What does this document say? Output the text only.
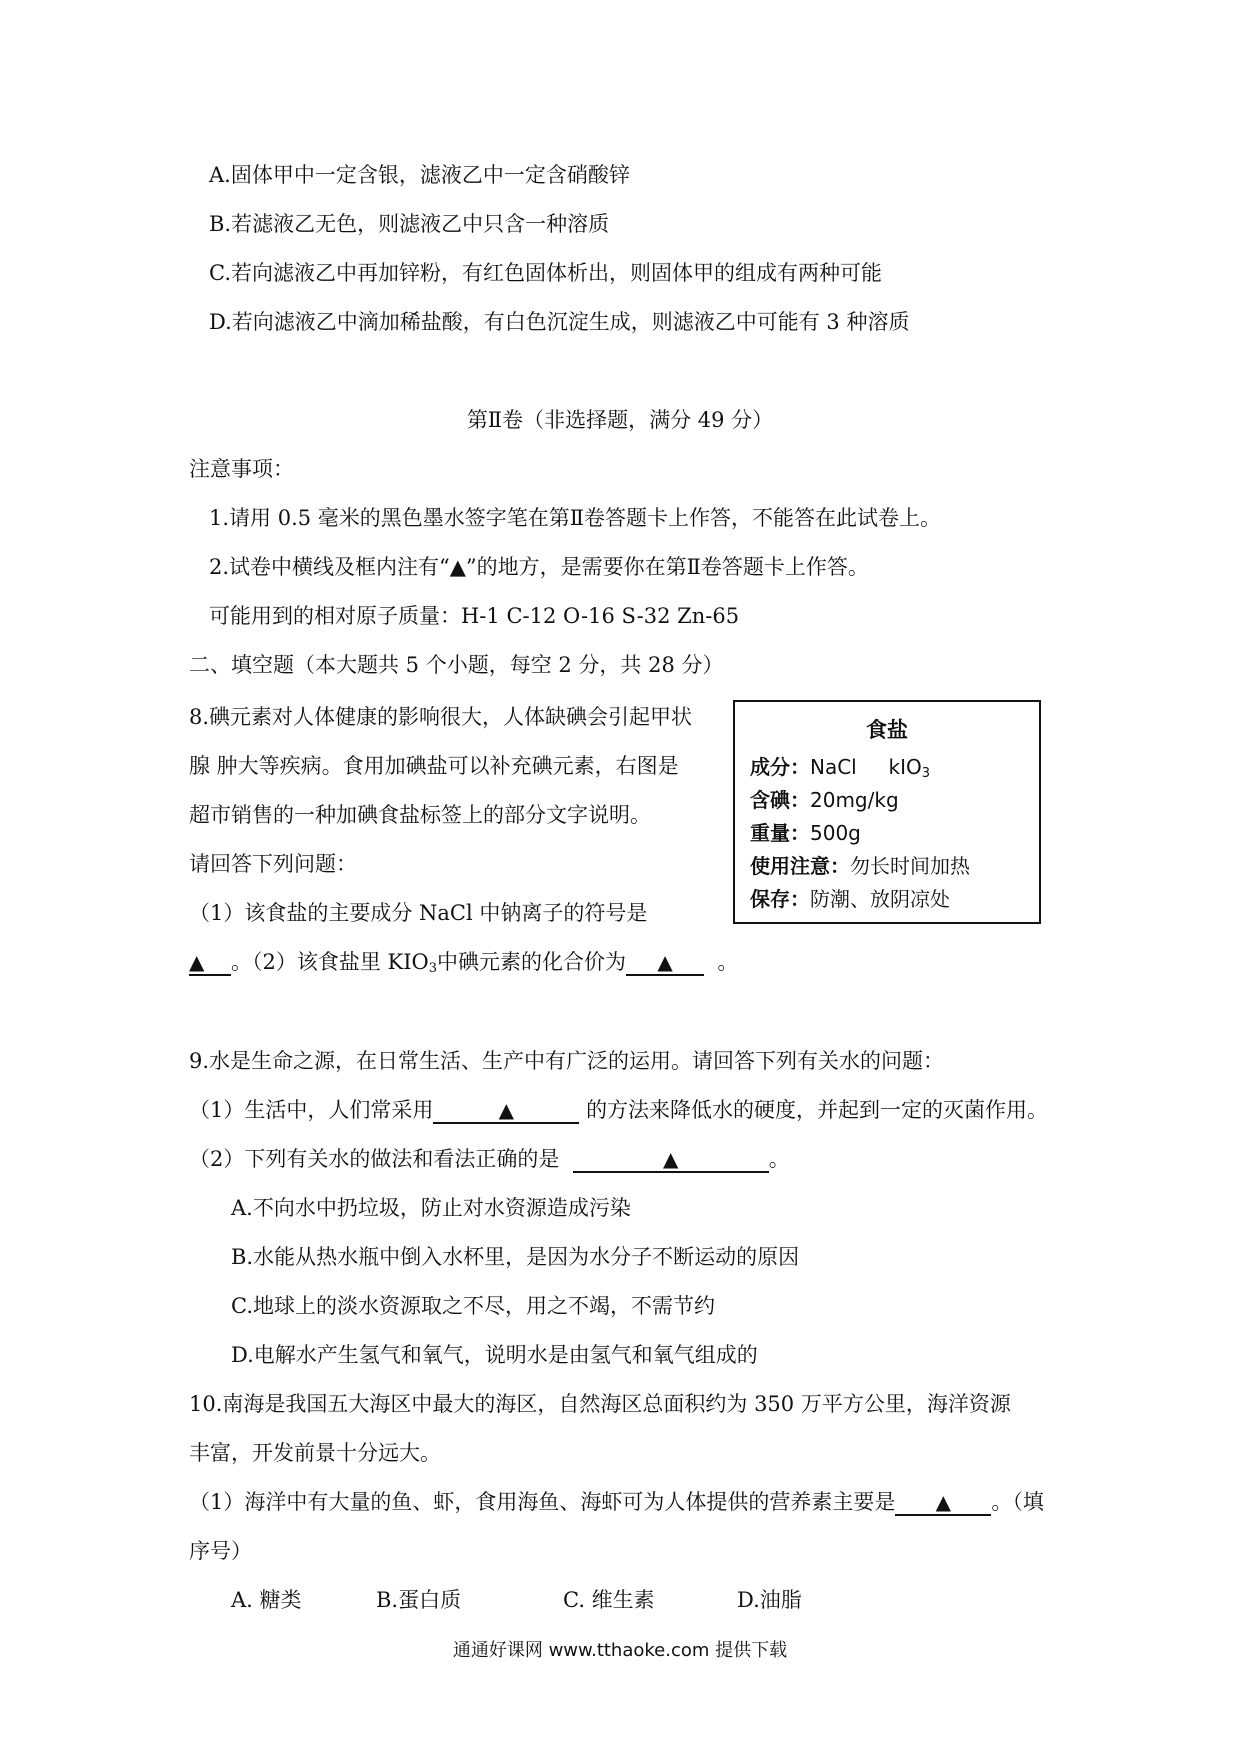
A.固体甲中一定含银，滤液乙中一定含硝酸锌
B.若滤液乙无色，则滤液乙中只含一种溶质
C.若向滤液乙中再加锌粉，有红色固体析出，则固体甲的组成有两种可能
D.若向滤液乙中滴加稀盐酸，有白色沉淀生成，则滤液乙中可能有 3 种溶质
第Ⅱ卷（非选择题，满分 49 分）
注意事项：
1.请用 0.5 毫米的黑色墨水签字笔在第Ⅱ卷答题卡上作答，不能答在此试卷上。
2.试卷中横线及框内注有“▲”的地方，是需要你在第Ⅱ卷答题卡上作答。
可能用到的相对原子质量：H-1 C-12 O-16 S-32 Zn-65
二、填空题（本大题共 5 个小题，每空 2 分，共 28 分）
8.碘元素对人体健康的影响很大，人体缺碘会引起甲状
腺 肿大等疾病。食用加碘盐可以补充碘元素，右图是
超市销售的一种加碘食盐标签上的部分文字说明。
请回答下列问题：
（1）该食盐的主要成分 NaCl 中钠离子的符号是
▲ 。（2）该食盐里 $KIO_3$中碘元素的化合价为 ▲ 。
食盐
成分：NaCl     kIO$_3$
含碘：20mg/kg
重量：500g
使用注意：勿长时间加热
保存：防潮、放阴凉处
9.水是生命之源，在日常生活、生产中有广泛的运用。请回答下列有关水的问题：
（1）生活中，人们常采用	▲	的方法来降低水的硬度，并起到一定的灭菌作用。
（2）下列有关水的做法和看法正确的是	▲	。
A.不向水中扔垃圾，防止对水资源造成污染
B.水能从热水瓶中倒入水杯里，是因为水分子不断运动的原因
C.地球上的淡水资源取之不尽，用之不竭，不需节约
D.电解水产生氢气和氧气，说明水是由氢气和氧气组成的
10.南海是我国五大海区中最大的海区，自然海区总面积约为 350 万平方公里，海洋资源
丰富，开发前景十分远大。
（1）海洋中有大量的鱼、虾，食用海鱼、海虾可为人体提供的营养素主要是 ▲ 。（填
序号）
A. 糖类	B.蛋白质	C. 维生素	D.油脂
通通好课网 www.tthaoke.com 提供下载
